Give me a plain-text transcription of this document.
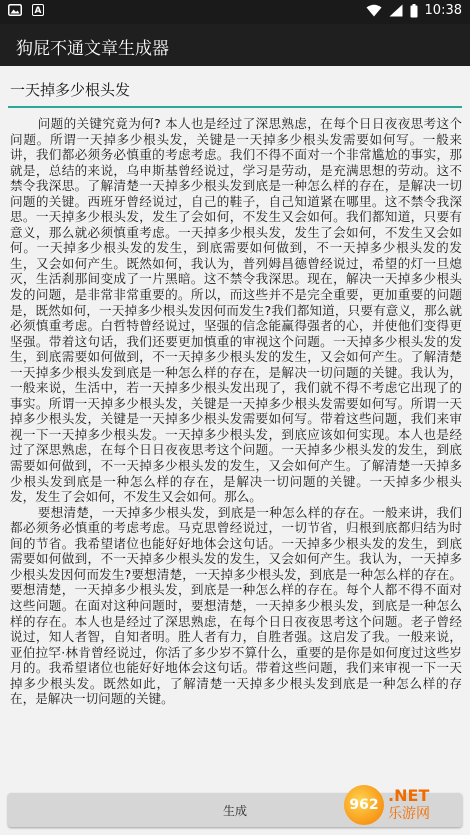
A	10:38
狗屁不通文章生成器
一天掉多少根头发

问题的关键究竟为何? 本人也是经过了深思熟虑，在每个日日夜夜思考这个问题。所谓一天掉多少根头发，关键是一天掉多少根头发需要如何写。一般来讲，我们都必须务必慎重的考虑考虑。我们不得不面对一个非常尴尬的事实，那就是，总结的来说，乌申斯基曾经说过，学习是劳动，是充满思想的劳动。这不禁令我深思。了解清楚一天掉多少根头发到底是一种怎么样的存在，是解决一切问题的关键。西班牙曾经说过，自己的鞋子，自己知道紧在哪里。这不禁令我深思。一天掉多少根头发，发生了会如何，不发生又会如何。我们都知道，只要有意义，那么就必须慎重考虑。一天掉多少根头发，发生了会如何，不发生又会如何。一天掉多少根头发的发生，到底需要如何做到，不一天掉多少根头发的发生，又会如何产生。既然如何，我认为，普列姆昌德曾经说过，希望的灯一旦熄灭，生活刹那间变成了一片黑暗。这不禁令我深思。现在，解决一天掉多少根头发的问题，是非常非常重要的。所以，而这些并不是完全重要，更加重要的问题是，既然如何，一天掉多少根头发因何而发生?我们都知道，只要有意义，那么就必须慎重考虑。白哲特曾经说过，坚强的信念能赢得强者的心，并使他们变得更坚强。带着这句话，我们还要更加慎重的审视这个问题。一天掉多少根头发的发生，到底需要如何做到，不一天掉多少根头发的发生，又会如何产生。了解清楚一天掉多少根头发到底是一种怎么样的存在，是解决一切问题的关键。我认为，一般来说，生活中，若一天掉多少根头发出现了，我们就不得不考虑它出现了的事实。所谓一天掉多少根头发，关键是一天掉多少根头发需要如何写。所谓一天掉多少根头发，关键是一天掉多少根头发需要如何写。带着这些问题，我们来审视一下一天掉多少根头发。一天掉多少根头发，到底应该如何实现。本人也是经过了深思熟虑，在每个日日夜夜思考这个问题。一天掉多少根头发的发生，到底需要如何做到，不一天掉多少根头发的发生，又会如何产生。了解清楚一天掉多少根头发到底是一种怎么样的存在，是解决一切问题的关键。一天掉多少根头发，发生了会如何，不发生又会如何。那么。

要想清楚，一天掉多少根头发，到底是一种怎么样的存在。一般来讲，我们都必须务必慎重的考虑考虑。马克思曾经说过，一切节省，归根到底都归结为时间的节省。我希望诸位也能好好地体会这句话。一天掉多少根头发的发生，到底需要如何做到，不一天掉多少根头发的发生，又会如何产生。我认为，一天掉多少根头发因何而发生?要想清楚，一天掉多少根头发，到底是一种怎么样的存在。要想清楚，一天掉多少根头发，到底是一种怎么样的存在。每个人都不得不面对这些问题。在面对这种问题时，要想清楚，一天掉多少根头发，到底是一种怎么样的存在。本人也是经过了深思熟虑，在每个日日夜夜思考这个问题。老子曾经说过，知人者智，自知者明。胜人者有力，自胜者强。这启发了我。一般来说，亚伯拉罕·林肯曾经说过，你活了多少岁不算什么，重要的是你是如何度过这些岁月的。我希望诸位也能好好地体会这句话。带着这些问题，我们来审视一下一天掉多少根头发。既然如此，了解清楚一天掉多少根头发到底是一种怎么样的存在，是解决一切问题的关键。

生成	962 .NET
乐游网
